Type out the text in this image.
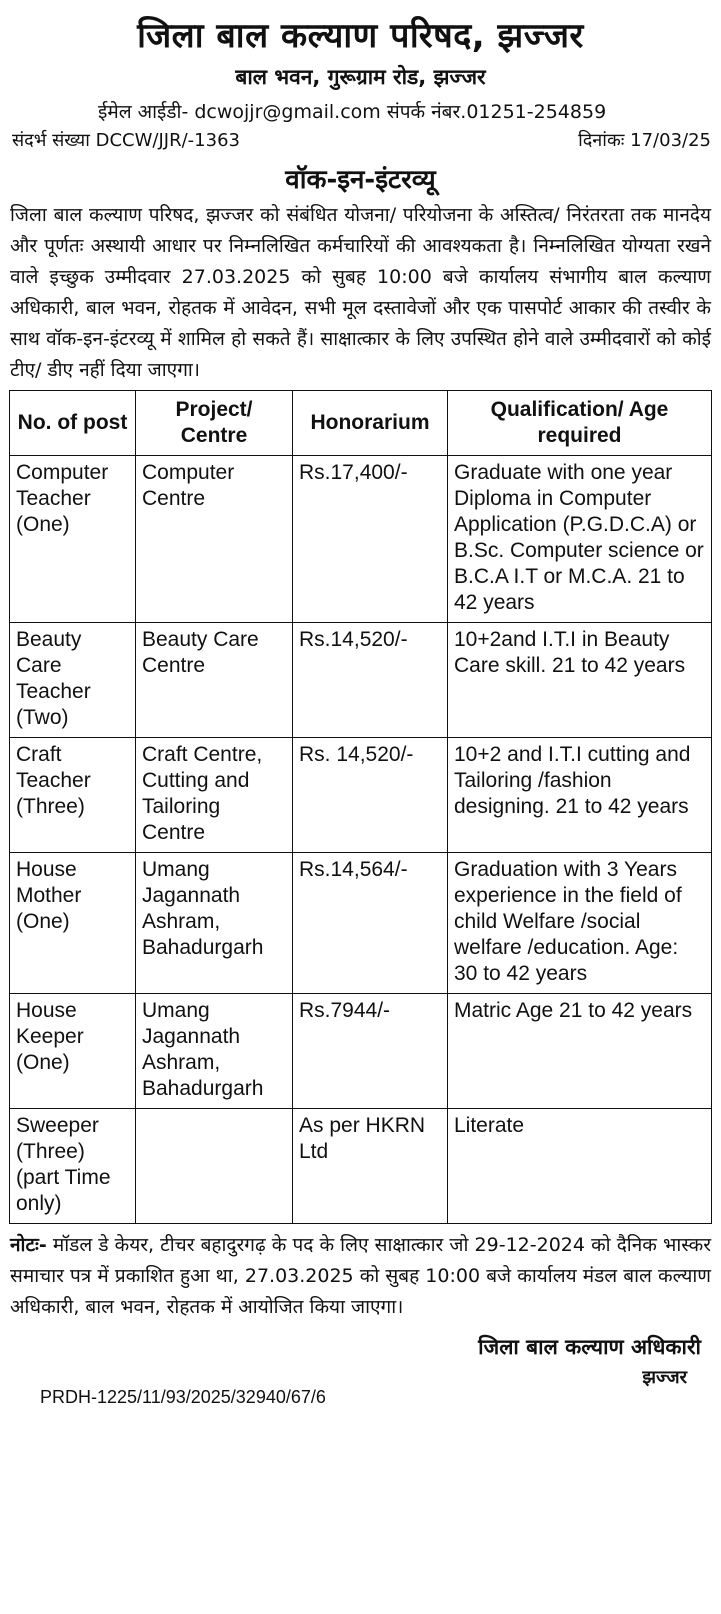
जिला बाल कल्याण परिषद, झज्जर
बाल भवन, गुरूग्राम रोड, झज्जर
ईमेल आईडी- dcwojjr@gmail.com संपर्क नंबर.01251-254859
संदर्भ संख्या DCCW/JJR/-1363	दिनांकः 17/03/25
वॉक-इन-इंटरव्यू
जिला बाल कल्याण परिषद, झज्जर को संबंधित योजना/ परियोजना के अस्तित्व/ निरंतरता तक मानदेय और पूर्णतः अस्थायी आधार पर निम्नलिखित कर्मचारियों की आवश्यकता है। निम्नलिखित योग्यता रखने वाले इच्छुक उम्मीदवार 27.03.2025 को सुबह 10:00 बजे कार्यालय संभागीय बाल कल्याण अधिकारी, बाल भवन, रोहतक में आवेदन, सभी मूल दस्तावेजों और एक पासपोर्ट आकार की तस्वीर के साथ वॉक-इन-इंटरव्यू में शामिल हो सकते हैं। साक्षात्कार के लिए उपस्थित होने वाले उम्मीदवारों को कोई टीए/ डीए नहीं दिया जाएगा।
No. of post	Project/ Centre	Honorarium	Qualification/ Age required
Computer Teacher (One)	Computer Centre	Rs.17,400/-	Graduate with one year Diploma in Computer Application (P.G.D.C.A) or B.Sc. Computer science or B.C.A I.T or M.C.A. 21 to 42 years
Beauty Care Teacher (Two)	Beauty Care Centre	Rs.14,520/-	10+2and I.T.I in Beauty Care skill. 21 to 42 years
Craft Teacher (Three)	Craft Centre, Cutting and Tailoring Centre	Rs. 14,520/-	10+2 and I.T.I cutting and Tailoring /fashion designing. 21 to 42 years
House Mother (One)	Umang Jagannath Ashram, Bahadurgarh	Rs.14,564/-	Graduation with 3 Years experience in the field of child Welfare /social welfare /education. Age: 30 to 42 years
House Keeper (One)	Umang Jagannath Ashram, Bahadurgarh	Rs.7944/-	Matric Age 21 to 42 years
Sweeper (Three) (part Time only)		As per HKRN Ltd	Literate
नोटः- मॉडल डे केयर, टीचर बहादुरगढ़ के पद के लिए साक्षात्कार जो 29-12-2024 को दैनिक भास्कर समाचार पत्र में प्रकाशित हुआ था, 27.03.2025 को सुबह 10:00 बजे कार्यालय मंडल बाल कल्याण अधिकारी, बाल भवन, रोहतक में आयोजित किया जाएगा।
जिला बाल कल्याण अधिकारी
झज्जर
PRDH-1225/11/93/2025/32940/67/6
